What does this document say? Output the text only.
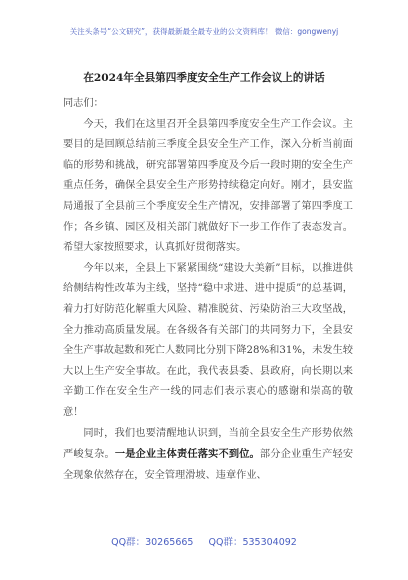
关注头条号“公文研究”，获得最新最全最专业的公文资料库！ 微信：gongwenyj
在2024年全县第四季度安全生产工作会议上的讲话

同志们：

今天，我们在这里召开全县第四季度安全生产工作会议。主要目的是回顾总结前三季度全县安全生产工作，深入分析当前面临的形势和挑战，研究部署第四季度及今后一段时期的安全生产重点任务，确保全县安全生产形势持续稳定向好。刚才，县安监局通报了全县前三个季度安全生产情况，安排部署了第四季度工作；各乡镇、园区及相关部门就做好下一步工作作了表态发言。希望大家按照要求，认真抓好贯彻落实。

今年以来，全县上下紧紧围绕“建设大美新”目标，以推进供给侧结构性改革为主线，坚持“稳中求进、进中提质”的总基调，着力打好防范化解重大风险、精准脱贫、污染防治三大攻坚战，全力推动高质量发展。在各级各有关部门的共同努力下，全县安全生产事故起数和死亡人数同比分别下降28%和31%，未发生较大以上生产安全事故。在此，我代表县委、县政府，向长期以来辛勤工作在安全生产一线的同志们表示衷心的感谢和崇高的敬意！

同时，我们也要清醒地认识到，当前全县安全生产形势依然严峻复杂。一是企业主体责任落实不到位。部分企业重生产轻安全现象依然存在，安全管理滑坡、违章作业、

QQ群：30265665 QQ群：535304092
